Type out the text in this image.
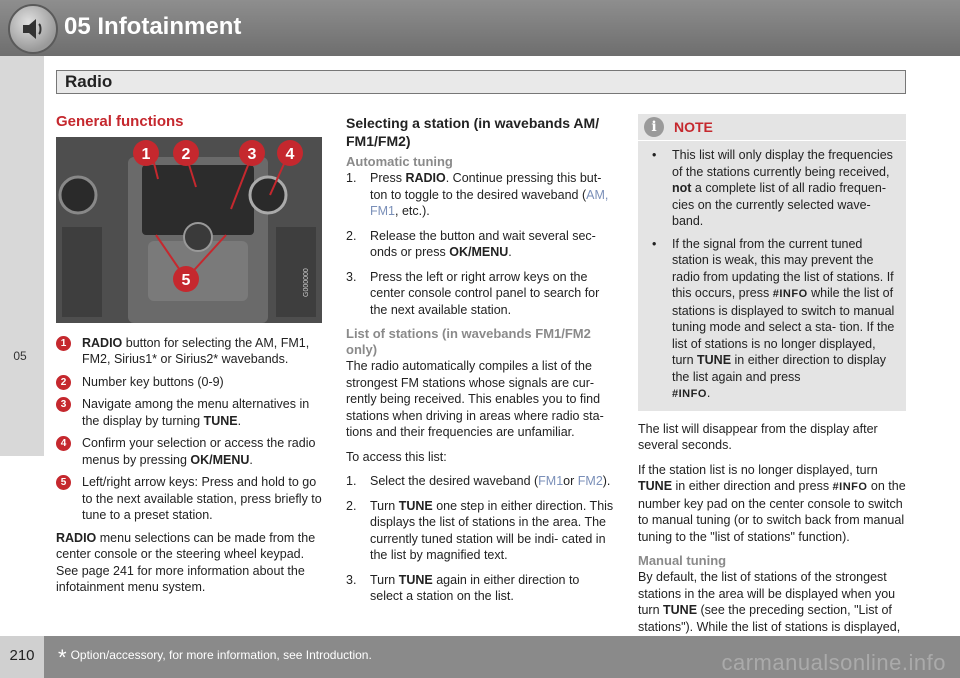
05 Infotainment
05
Radio
General functions
1 2	3 4
5	G000000
1	RADIO button for selecting the AM, FM1, FM2, Sirius1* or Sirius2* wavebands.
2	Number key buttons (0-9)
3	Navigate among the menu alternatives in the display by turning TUNE.
4	Confirm your selection or access the radio menus by pressing OK/MENU.
5	Left/right arrow keys: Press and hold to go to the next available station, press briefly to tune to a preset station.

RADIO menu selections can be made from the center console or the steering wheel keypad. See page 241 for more information about the infotainment menu system.

Selecting a station (in wavebands AM/ FM1/FM2)
Automatic tuning
1. Press RADIO. Continue pressing this but- ton to toggle to the desired waveband (AM, FM1, etc.).
2. Release the button and wait several sec- onds or press OK/MENU.
3. Press the left or right arrow keys on the center console control panel to search for the next available station.
List of stations (in wavebands FM1/FM2 only)

The radio automatically compiles a list of the strongest FM stations whose signals are cur- rently being received. This enables you to find stations when driving in areas where radio sta- tions and their frequencies are unfamiliar.

To access this list:

1. Select the desired waveband (FM1or FM2).
2. Turn TUNE one step in either direction. This displays the list of stations in the area. The currently tuned station will be indi- cated in the list by magnified text.
3. Turn TUNE again in either direction to select a station on the list.
i	NOTE
• This list will only display the frequencies of the stations currently being received, not a complete list of all radio frequen- cies on the currently selected wave- band.
• If the signal from the current tuned station is weak, this may prevent the radio from updating the list of stations. If this occurs, press #INFO while the list of stations is displayed to switch to manual tuning mode and select a sta- tion. If the list of stations is no longer displayed, turn TUNE in either direction to display the list again and press
#INFO.

The list will disappear from the display after several seconds.

If the station list is no longer displayed, turn TUNE in either direction and press #INFO on the number key pad on the center console to switch to manual tuning (or to switch back from manual tuning to the "list of stations" function).

Manual tuning

By default, the list of stations of the strongest stations in the area will be displayed when you turn TUNE (see the preceding section, "List of stations"). While the list of stations is displayed,

210	* Option/accessory, for more information, see Introduction.	carmanualsonline.info
